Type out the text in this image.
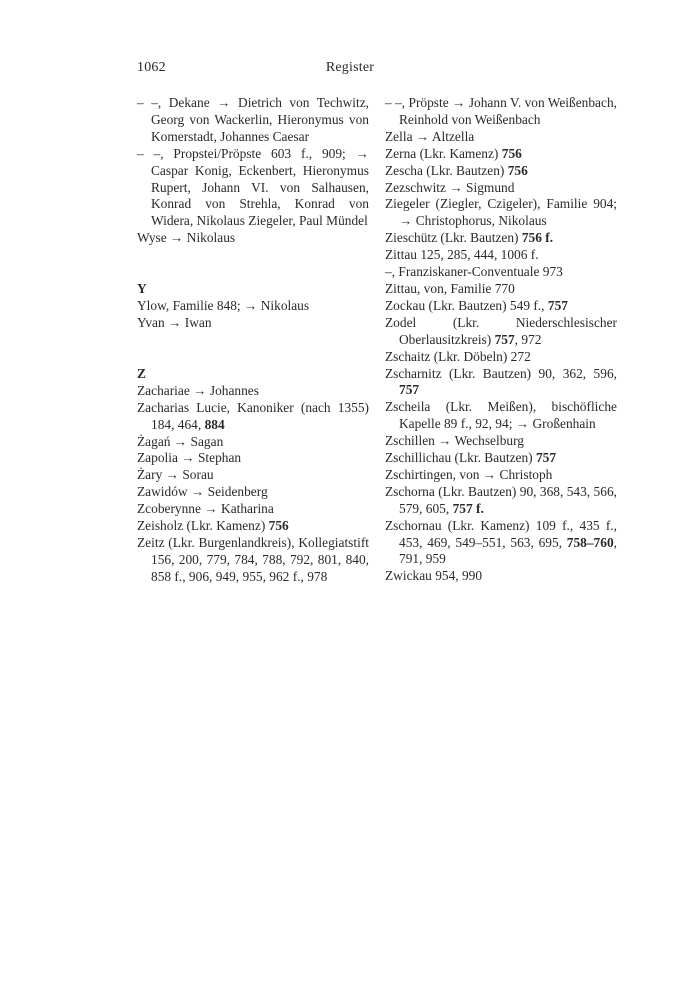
1062	Register
– –, Dekane → Dietrich von Techwitz, Georg von Wackerlin, Hieronymus von Komerstadt, Johannes Caesar
– –, Propstei/Pröpste 603 f., 909; → Caspar Konig, Eckenbert, Hieronymus Rupert, Johann VI. von Salhausen, Konrad von Strehla, Konrad von Widera, Nikolaus Ziegeler, Paul Mündel
Wyse → Nikolaus
Y
Ylow, Familie 848; → Nikolaus
Yvan → Iwan
Z
Zachariae → Johannes
Zacharias Lucie, Kanoniker (nach 1355) 184, 464, 884
Żagań → Sagan
Zapolia → Stephan
Żary → Sorau
Zawidów → Seidenberg
Zcoberynne → Katharina
Zeisholz (Lkr. Kamenz) 756
Zeitz (Lkr. Burgenlandkreis), Kollegiatstift 156, 200, 779, 784, 788, 792, 801, 840, 858 f., 906, 949, 955, 962 f., 978
– –, Pröpste → Johann V. von Weißenbach, Reinhold von Weißenbach
Zella → Altzella
Zerna (Lkr. Kamenz) 756
Zescha (Lkr. Bautzen) 756
Zezschwitz → Sigmund
Ziegeler (Ziegler, Czigeler), Familie 904; → Christophorus, Nikolaus
Zieschütz (Lkr. Bautzen) 756 f.
Zittau 125, 285, 444, 1006 f.
–, Franziskaner-Conventuale 973
Zittau, von, Familie 770
Zockau (Lkr. Bautzen) 549 f., 757
Zodel (Lkr. Niederschlesischer Oberlausitzkreis) 757, 972
Zschaitz (Lkr. Döbeln) 272
Zscharnitz (Lkr. Bautzen) 90, 362, 596, 757
Zscheila (Lkr. Meißen), bischöfliche Kapelle 89 f., 92, 94; → Großenhain
Zschillen → Wechselburg
Zschillichau (Lkr. Bautzen) 757
Zschirtingen, von → Christoph
Zschorna (Lkr. Bautzen) 90, 368, 543, 566, 579, 605, 757 f.
Zschornau (Lkr. Kamenz) 109 f., 435 f., 453, 469, 549–551, 563, 695, 758–760, 791, 959
Zwickau 954, 990
